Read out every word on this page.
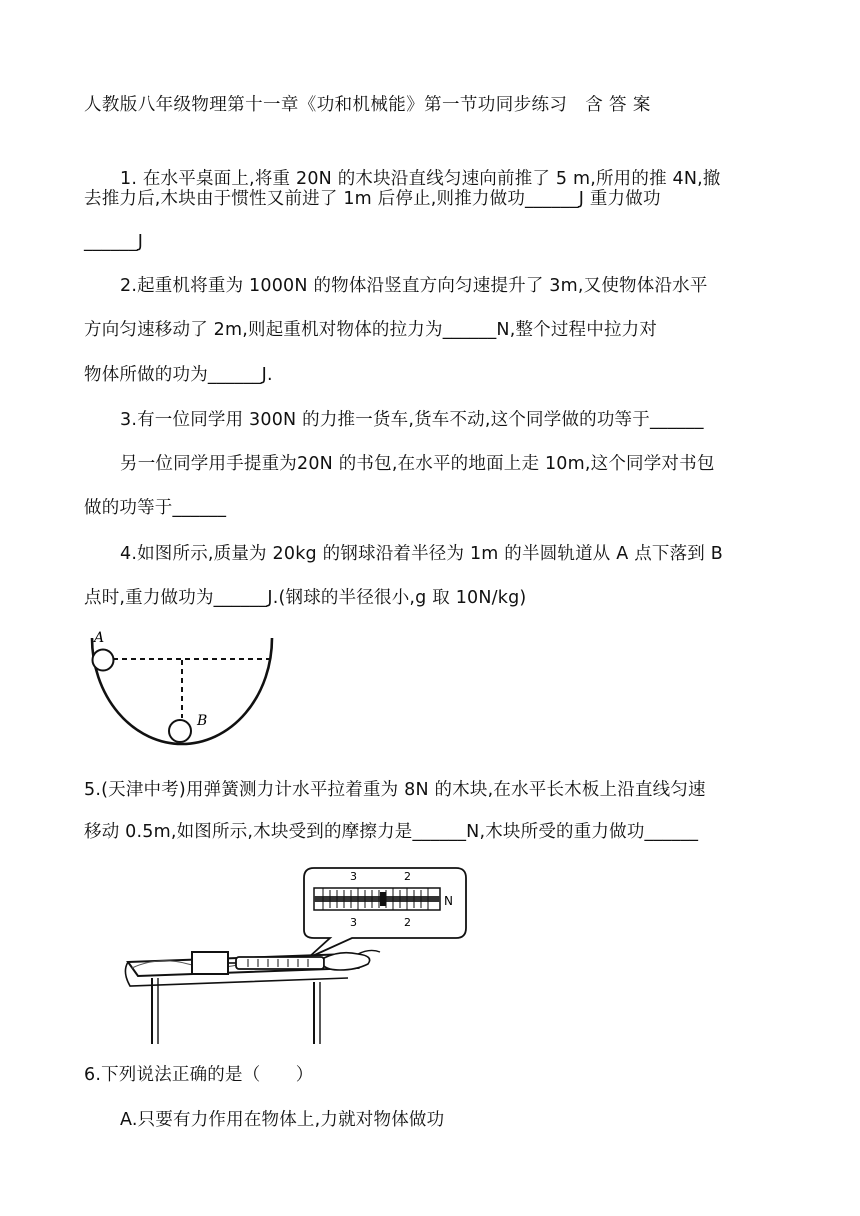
人教版八年级物理第十一章《功和机械能》第一节功同步练习　含 答 案
1. 在水平桌面上,将重 20N 的木块沿直线匀速向前推了 5 m,所用的推 4N,撤
去推力后,木块由于惯性又前进了 1m 后停止,则推力做功______J 重力做功
______J
2.起重机将重为 1000N 的物体沿竖直方向匀速提升了 3m,又使物体沿水平
方向匀速移动了 2m,则起重机对物体的拉力为______N,整个过程中拉力对
物体所做的功为______J.
3.有一位同学用 300N 的力推一货车,货车不动,这个同学做的功等于______
另一位同学用手提重为20N 的书包,在水平的地面上走 10m,这个同学对书包
做的功等于______
4.如图所示,质量为 20kg 的钢球沿着半径为 1m 的半圆轨道从 A 点下落到 B
点时,重力做功为______J.(钢球的半径很小,g 取 10N/kg)
A
B
5.(天津中考)用弹簧测力计水平拉着重为 8N 的木块,在水平长木板上沿直线匀速
移动 0.5m,如图所示,木块受到的摩擦力是______N,木块所受的重力做功______
3	2
3	2
N
6.下列说法正确的是（　　）
A.只要有力作用在物体上,力就对物体做功
